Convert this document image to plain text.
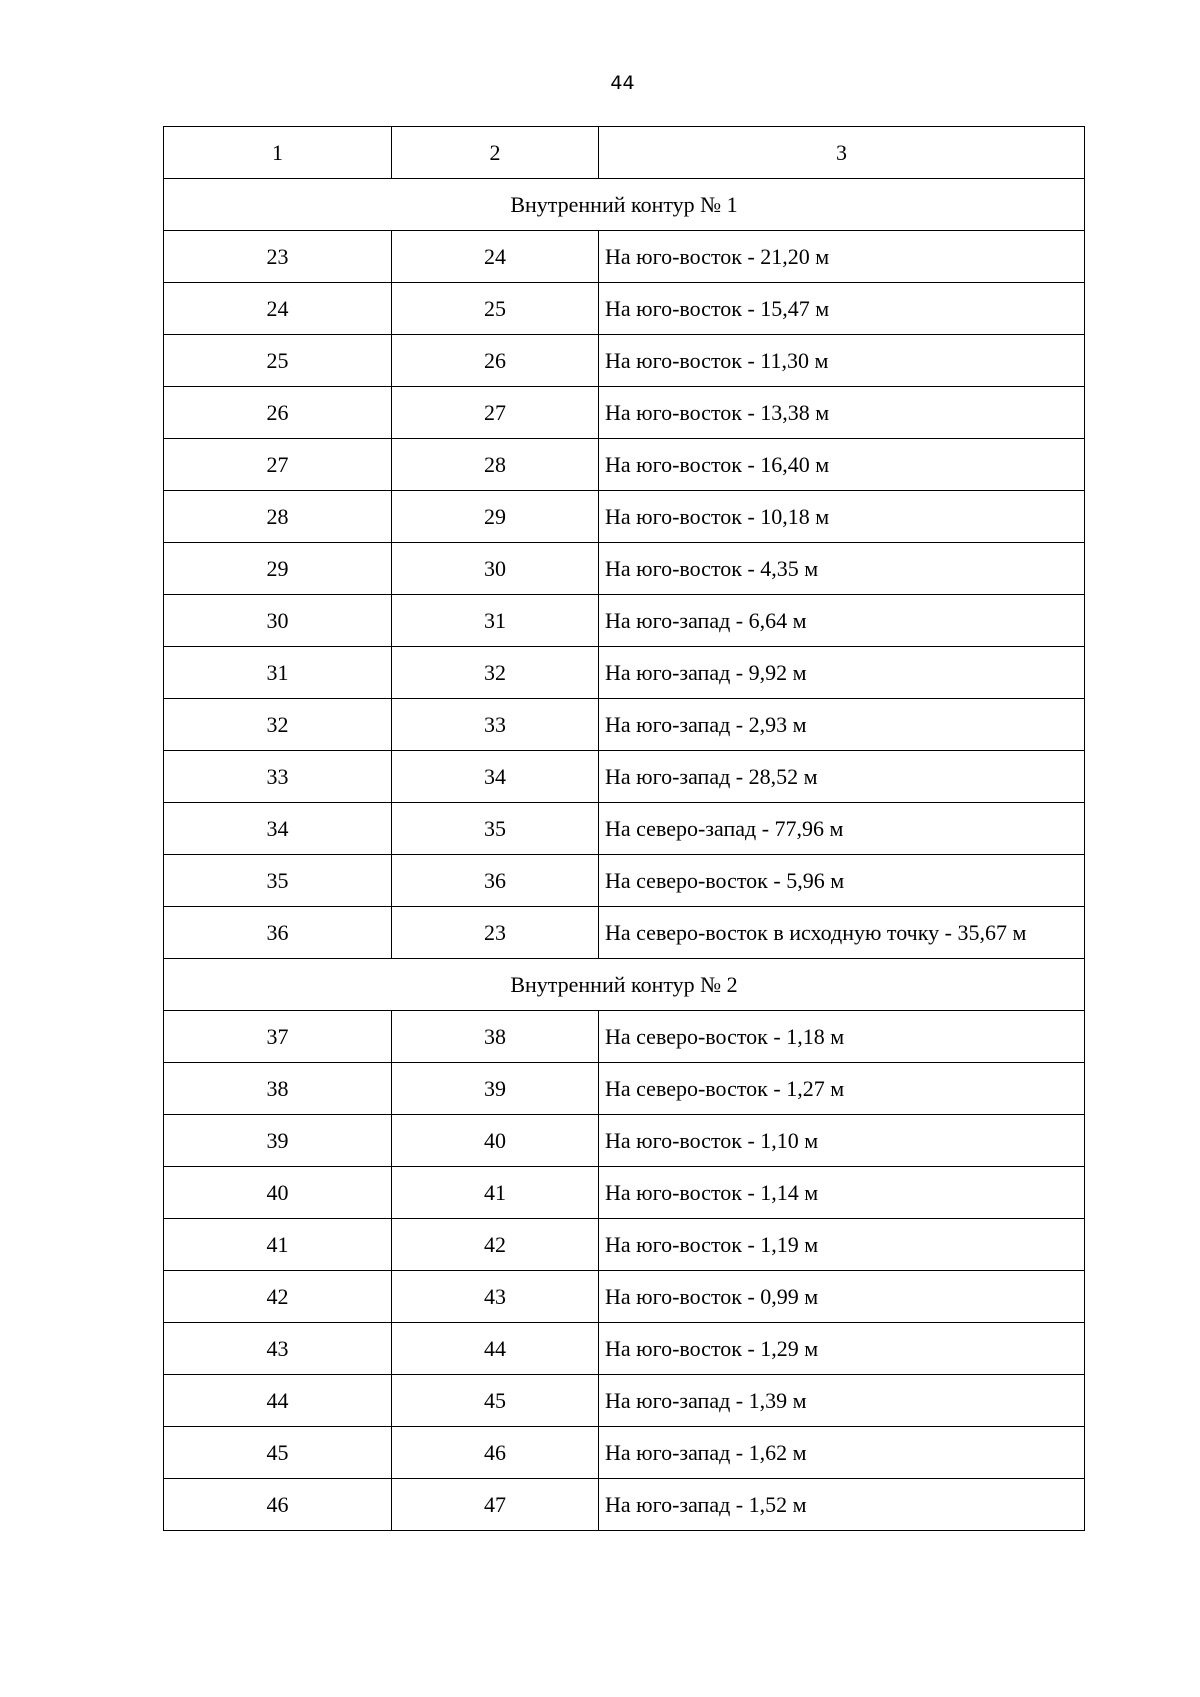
44
1	2	3
Внутренний контур № 1		
23	24	На юго-восток - 21,20 м
24	25	На юго-восток - 15,47 м
25	26	На юго-восток - 11,30 м
26	27	На юго-восток - 13,38 м
27	28	На юго-восток - 16,40 м
28	29	На юго-восток - 10,18 м
29	30	На юго-восток - 4,35 м
30	31	На юго-запад - 6,64 м
31	32	На юго-запад - 9,92 м
32	33	На юго-запад - 2,93 м
33	34	На юго-запад - 28,52 м
34	35	На северо-запад - 77,96 м
35	36	На северо-восток - 5,96 м
36	23	На северо-восток в исходную точку - 35,67 м
Внутренний контур № 2		
37	38	На северо-восток - 1,18 м
38	39	На северо-восток - 1,27 м
39	40	На юго-восток - 1,10 м
40	41	На юго-восток - 1,14 м
41	42	На юго-восток - 1,19 м
42	43	На юго-восток - 0,99 м
43	44	На юго-восток - 1,29 м
44	45	На юго-запад - 1,39 м
45	46	На юго-запад - 1,62 м
46	47	На юго-запад - 1,52 м
